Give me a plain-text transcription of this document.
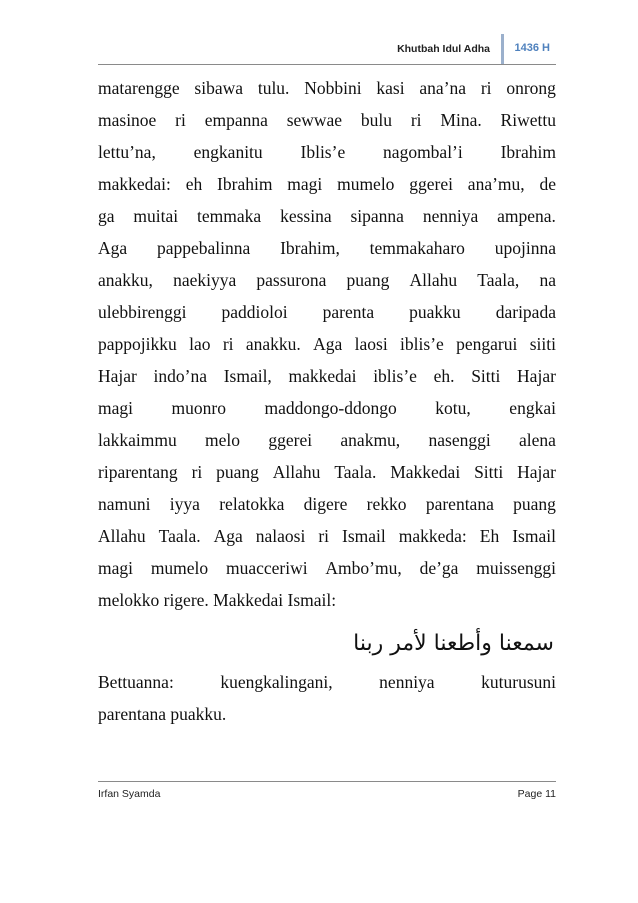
Khutbah Idul Adha 1436 H
matarengge sibawa tulu. Nobbini kasi ana’na ri onrong
masinoe ri empanna sewwae bulu ri Mina. Riwettu
lettu’na, engkanitu Iblis’e nagombal’i Ibrahim
makkedai: eh Ibrahim magi mumelo ggerei ana’mu, de
ga muitai temmaka kessina sipanna nenniya ampena.
Aga pappebalinna Ibrahim, temmakaharo upojinna
anakku, naekiyya passurona puang Allahu Taala, na
ulebbirenggi paddioloi parenta puakku daripada
pappojikku lao ri anakku. Aga laosi iblis’e pengarui siiti
Hajar indo’na Ismail, makkedai iblis’e eh. Sitti Hajar
magi muonro maddongo-ddongo kotu, engkai
lakkaimmu melo ggerei anakmu, nasenggi alena
riparentang ri puang Allahu Taala. Makkedai Sitti Hajar
namuni iyya relatokka digere rekko parentana puang
Allahu Taala. Aga nalaosi ri Ismail makkeda: Eh Ismail
magi mumelo muacceriwi Ambo’mu, de’ga muissenggi
melokko rigere. Makkedai Ismail:
سمعنا وأطعنا لأمر ربنا
Bettuanna:	kuengkalingani,	nenniya	kuturusuni
parentana puakku.
Irfan Syamda	Page 11
